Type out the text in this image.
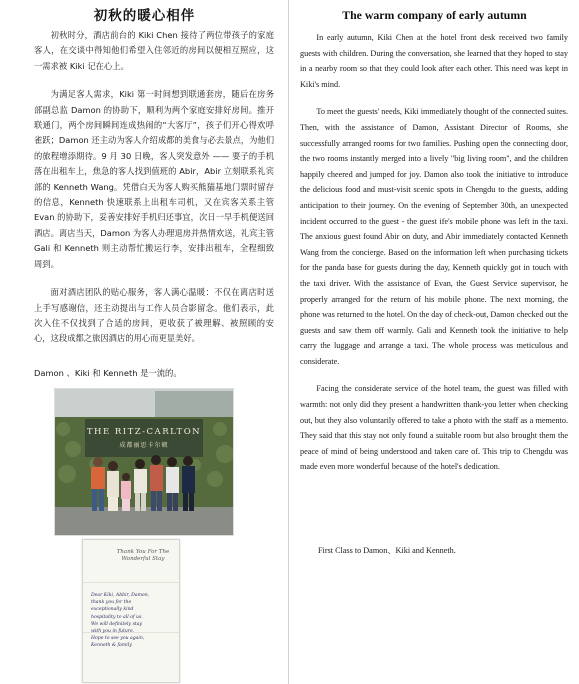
初秋的暖心相伴

初秋时分，酒店前台的 Kiki Chen 接待了两位带孩子的家庭客人，在交谈中得知他们希望入住邻近的房间以便相互照应，这一需求被 Kiki 记在心上。

为满足客人需求，Kiki 第一时间想到联通套房，随后在房务部副总监 Damon 的协助下，顺利为两个家庭安排好房间。推开联通门，两个房间瞬间连成热闹的“大客厅”，孩子们开心得欢呼雀跃；Damon 还主动为客人介绍成都的美食与必去景点，为他们的旅程增添期待。9 月 30 日晚，客人突发意外 —— 要子的手机落在出租车上，焦急的客人找到值班的 Abir，Abir 立刻联系礼宾部的 Kenneth Wang。凭借白天为客人购买熊猫基地门票时留存的信息，Kenneth 快速联系上出租车司机，又在宾客关系主管 Evan 的协助下，妥善安排好手机归还事宜，次日一早手机便送回酒店。离店当天，Damon 为客人办理退房并热情欢送，礼宾主管 Gali 和 Kenneth 则主动帮忙搬运行李，安排出租车，全程细致周到。

面对酒店团队的贴心服务，客人满心温暖：不仅在离店时送上手写感谢信，还主动提出与工作人员合影留念。他们表示，此次入住不仅找到了合适的房间，更收获了被理解、被照顾的安心，这段成都之旅因酒店的用心而更显美好。

Damon 、Kiki 和 Kenneth 是一流的。
THE RITZ-CARLTON
成都丽思卡尔顿
Thank You For The Wonderful Stay
Dear Kiki, Abbir, Damon,
thank you for the
exceptionally kind
hospitality to all of us.
We will definitely stay
with you in future.
Hope to see you again,
Kenneth & family
The warm company of early autumn

In early autumn, Kiki Chen at the hotel front desk received two family guests with children. During the conversation, she learned that they hoped to stay in a nearby room so that they could look after each other. This need was kept in Kiki's mind.

To meet the guests' needs, Kiki immediately thought of the connected suites. Then, with the assistance of Damon, Assistant Director of Rooms, she successfully arranged rooms for two families. Pushing open the connecting door, the two rooms instantly merged into a lively "big living room", and the children happily cheered and jumped for joy. Damon also took the initiative to introduce the delicious food and must-visit scenic spots in Chengdu to the guests, adding anticipation to their journey. On the evening of September 30th, an unexpected incident occurred to the guest - the guest ife's mobile phone was left in the taxi. The anxious guest found Abir on duty, and Abir immediately contacted Kenneth Wang from the concierge. Based on the information left when purchasing tickets for the panda base for guests during the day, Kenneth quickly got in touch with the taxi driver. With the assistance of Evan, the Guest Service supervisor, he properly arranged for the return of his mobile phone. The next morning, the phone was returned to the hotel. On the day of check-out, Damon checked out the guests and saw them off warmly. Gali and Kenneth took the initiative to help carry the luggage and arrange a taxi. The whole process was meticulous and considerate.

Facing the considerate service of the hotel team, the guest was filled with warmth: not only did they present a handwritten thank-you letter when checking out, but they also voluntarily offered to take a photo with the staff as a memento. They said that this stay not only found a suitable room but also brought them the peace of mind of being understood and taken care of. This trip to Chengdu was made even more wonderful because of the hotel's dedication.

First Class to Damon、Kiki and Kenneth.
